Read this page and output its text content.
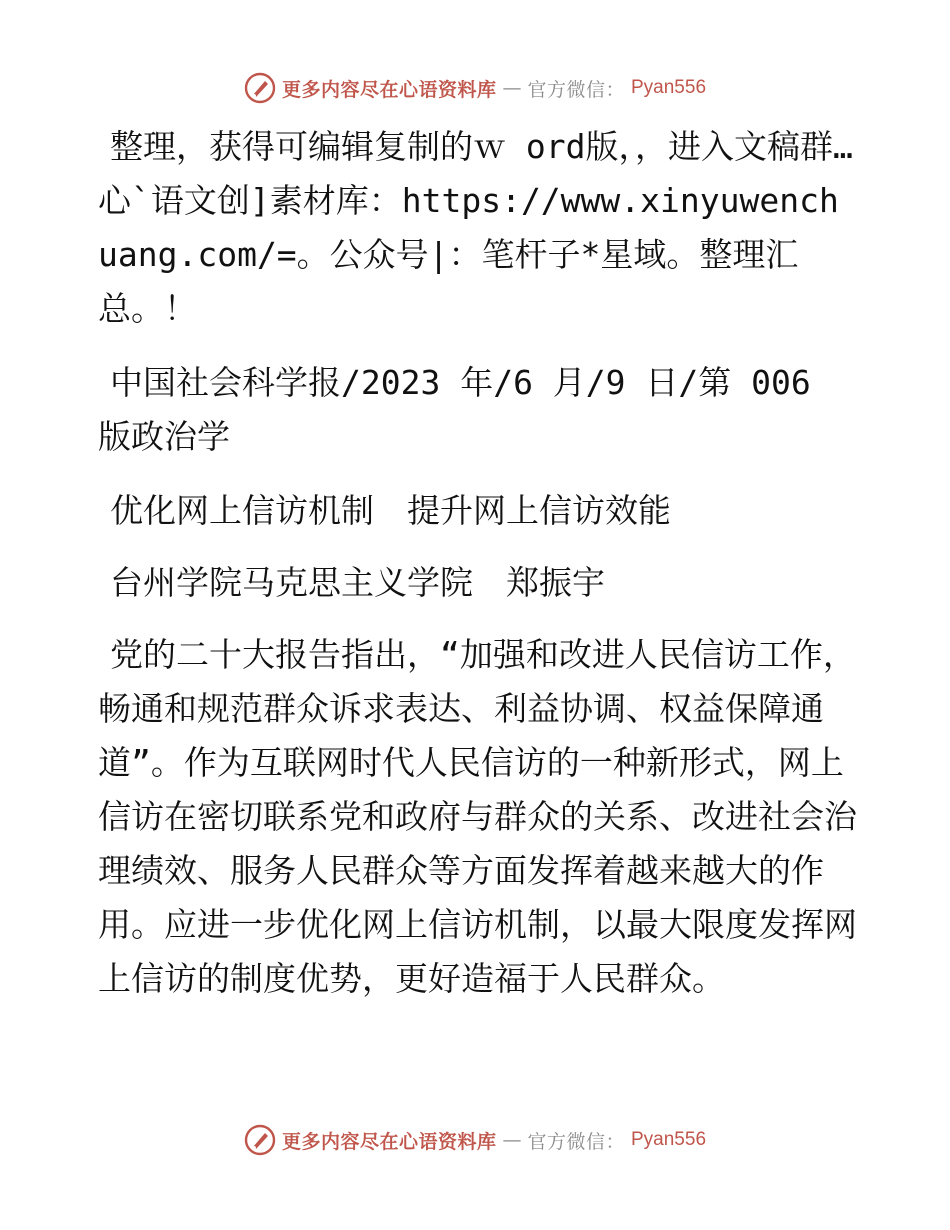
更多内容尽在心语资料库 — 官方微信： Pyan556

整理，获得可编辑复制的ｗ ord版，，进入文稿群…心`语文创]素材库：https://www.xinyuwenchuang.com/=。公众号|：笔杆子*星域。整理汇总。！

中国社会科学报/2023 年/6 月/9 日/第 006 版政治学

优化网上信访机制　提升网上信访效能

台州学院马克思主义学院　郑振宇

党的二十大报告指出，“加强和改进人民信访工作，畅通和规范群众诉求表达、利益协调、权益保障通道”。作为互联网时代人民信访的一种新形式，网上信访在密切联系党和政府与群众的关系、改进社会治理绩效、服务人民群众等方面发挥着越来越大的作用。应进一步优化网上信访机制，以最大限度发挥网上信访的制度优势，更好造福于人民群众。

更多内容尽在心语资料库 — 官方微信： Pyan556
